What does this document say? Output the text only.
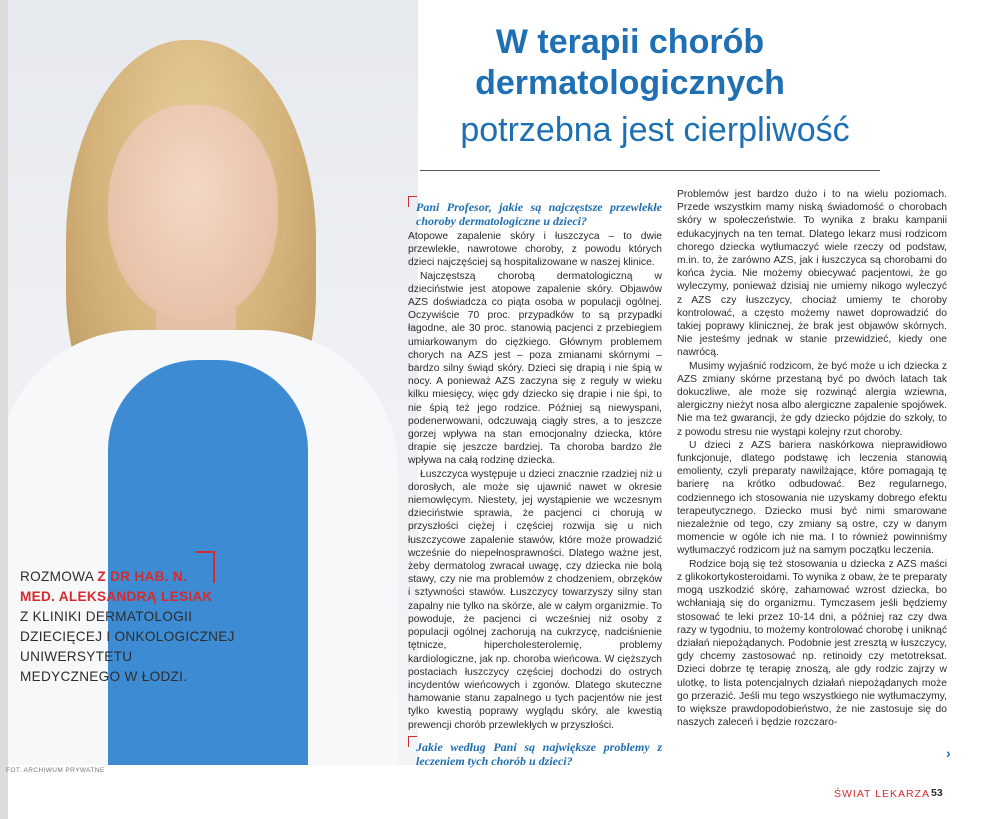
ROZMOWA Z DR HAB. N.
MED. ALEKSANDRĄ LESIAK
Z KLINIKI DERMATOLOGII
DZIECIĘCEJ I ONKOLOGICZNEJ
UNIWERSYTETU
MEDYCZNEGO W ŁODZI.
FOT. ARCHIWUM PRYWATNE
W terapii chorób
dermatologicznych
potrzebna jest cierpliwość
Pani Profesor, jakie są najczęstsze przewlekłe choroby dermatologiczne u dzieci?

Atopowe zapalenie skóry i łuszczyca – to dwie przewlekłe, nawrotowe choroby, z powodu których dzieci najczęściej są hospitalizowane w naszej klinice.

Najczęstszą chorobą dermatologiczną w dzieciństwie jest atopowe zapalenie skóry. Objawów AZS doświadcza co piąta osoba w populacji ogólnej. Oczywiście 70 proc. przypadków to są przypadki łagodne, ale 30 proc. stanowią pacjenci z przebiegiem umiarkowanym do ciężkiego. Głównym problemem chorych na AZS jest – poza zmianami skórnymi – bardzo silny świąd skóry. Dzieci się drapią i nie śpią w nocy. A ponieważ AZS zaczyna się z reguły w wieku kilku miesięcy, więc gdy dziecko się drapie i nie śpi, to nie śpią też jego rodzice. Później są niewyspani, podenerwowani, odczuwają ciągły stres, a to jeszcze gorzej wpływa na stan emocjonalny dziecka, które drapie się jeszcze bardziej. Ta choroba bardzo źle wpływa na całą rodzinę dziecka.

Łuszczyca występuje u dzieci znacznie rzadziej niż u dorosłych, ale może się ujawnić nawet w okresie niemowlęcym. Niestety, jej wystąpienie we wczesnym dzieciństwie sprawia, że pacjenci ci chorują w przyszłości ciężej i częściej rozwija się u nich łuszczycowe zapalenie stawów, które może prowadzić wcześnie do niepełnosprawności. Dlatego ważne jest, żeby dermatolog zwracał uwagę, czy dziecka nie bolą stawy, czy nie ma problemów z chodzeniem, obrzęków i sztywności stawów. Łuszczycy towarzyszy silny stan zapalny nie tylko na skórze, ale w całym organizmie. To powoduje, że pacjenci ci wcześniej niż osoby z populacji ogólnej zachorują na cukrzycę, nadciśnienie tętnicze, hipercholesterolemię, problemy kardiologiczne, jak np. choroba wieńcowa. W cięższych postaciach łuszczycy częściej dochodzi do ostrych incydentów wieńcowych i zgonów. Dlatego skuteczne hamowanie stanu zapalnego u tych pacjentów nie jest tylko kwestią poprawy wyglądu skóry, ale kwestią prewencji chorób przewlekłych w przyszłości.

Jakie według Pani są największe problemy z leczeniem tych chorób u dzieci?

Problemów jest bardzo dużo i to na wielu poziomach. Przede wszystkim mamy niską świadomość o chorobach skóry w społeczeństwie. To wynika z braku kampanii edukacyjnych na ten temat. Dlatego lekarz musi rodzicom chorego dziecka wytłumaczyć wiele rzeczy od podstaw, m.in. to, że zarówno AZS, jak i łuszczyca są chorobami do końca życia. Nie możemy obiecywać pacjentowi, że go wyleczymy, ponieważ dzisiaj nie umiemy nikogo wyleczyć z AZS czy łuszczycy, chociaż umiemy te choroby kontrolować, a często możemy nawet doprowadzić do takiej poprawy klinicznej, że brak jest objawów skórnych. Nie jesteśmy jednak w stanie przewidzieć, kiedy one nawrócą.

Musimy wyjaśnić rodzicom, że być może u ich dziecka z AZS zmiany skórne przestaną być po dwóch latach tak dokuczliwe, ale może się rozwinąć alergia wziewna, alergiczny nieżyt nosa albo alergiczne zapalenie spojówek. Nie ma też gwarancji, że gdy dziecko pójdzie do szkoły, to z powodu stresu nie wystąpi kolejny rzut choroby.

U dzieci z AZS bariera naskórkowa nieprawidłowo funkcjonuje, dlatego podstawę ich leczenia stanowią emolienty, czyli preparaty nawilżające, które pomagają tę barierę na krótko odbudować. Bez regularnego, codziennego ich stosowania nie uzyskamy dobrego efektu terapeutycznego. Dziecko musi być nimi smarowane niezależnie od tego, czy zmiany są ostre, czy w danym momencie w ogóle ich nie ma. I to również powinniśmy wytłumaczyć rodzicom już na samym początku leczenia.

Rodzice boją się też stosowania u dziecka z AZS maści z glikokortykosteroidami. To wynika z obaw, że te preparaty mogą uszkodzić skórę, zahamować wzrost dziecka, bo wchłaniają się do organizmu. Tymczasem jeśli będziemy stosować te leki przez 10-14 dni, a później raz czy dwa razy w tygodniu, to możemy kontrolować chorobę i uniknąć działań niepożądanych. Podobnie jest zresztą w łuszczycy, gdy chcemy zastosować np. retinoidy czy metotreksat. Dzieci dobrze tę terapię znoszą, ale gdy rodzic zajrzy w ulotkę, to lista potencjalnych działań niepożądanych może go przerazić. Jeśli mu tego wszystkiego nie wytłumaczymy, to większe prawdopodobieństwo, że nie zastosuje się do naszych zaleceń i będzie rozczaro-

›
ŚWIAT LEKARZA 53
